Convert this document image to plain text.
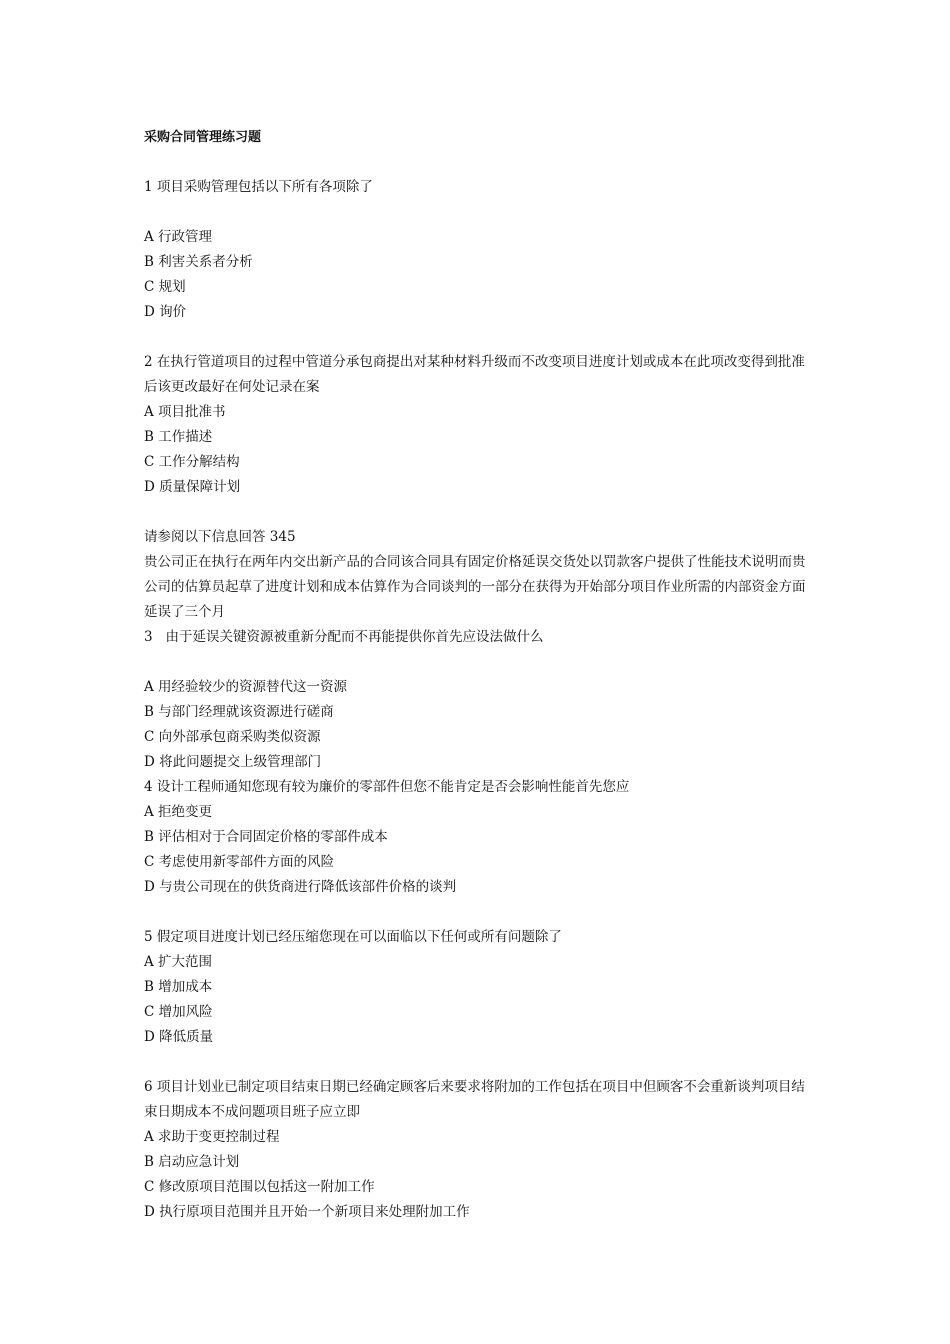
采购合同管理练习题

1 项目采购管理包括以下所有各项除了

A 行政管理

B 利害关系者分析

C 规划

D 询价

2 在执行管道项目的过程中管道分承包商提出对某种材料升级而不改变项目进度计划或成本在此项改变得到批准后该更改最好在何处记录在案

A 项目批准书

B 工作描述

C 工作分解结构

D 质量保障计划

请参阅以下信息回答 345

贵公司正在执行在两年内交出新产品的合同该合同具有固定价格延误交货处以罚款客户提供了性能技术说明而贵公司的估算员起草了进度计划和成本估算作为合同谈判的一部分在获得为开始部分项目作业所需的内部资金方面延误了三个月

3   由于延误关键资源被重新分配而不再能提供你首先应设法做什么

A 用经验较少的资源替代这一资源

B 与部门经理就该资源进行磋商

C 向外部承包商采购类似资源

D 将此问题提交上级管理部门

4 设计工程师通知您现有较为廉价的零部件但您不能肯定是否会影响性能首先您应

A 拒绝变更

B 评估相对于合同固定价格的零部件成本

C 考虑使用新零部件方面的风险

D 与贵公司现在的供货商进行降低该部件价格的谈判

5 假定项目进度计划已经压缩您现在可以面临以下任何或所有问题除了

A 扩大范围

B 增加成本

C 增加风险

D 降低质量

6 项目计划业已制定项目结束日期已经确定顾客后来要求将附加的工作包括在项目中但顾客不会重新谈判项目结束日期成本不成问题项目班子应立即

A 求助于变更控制过程

B 启动应急计划

C 修改原项目范围以包括这一附加工作

D 执行原项目范围并且开始一个新项目来处理附加工作
